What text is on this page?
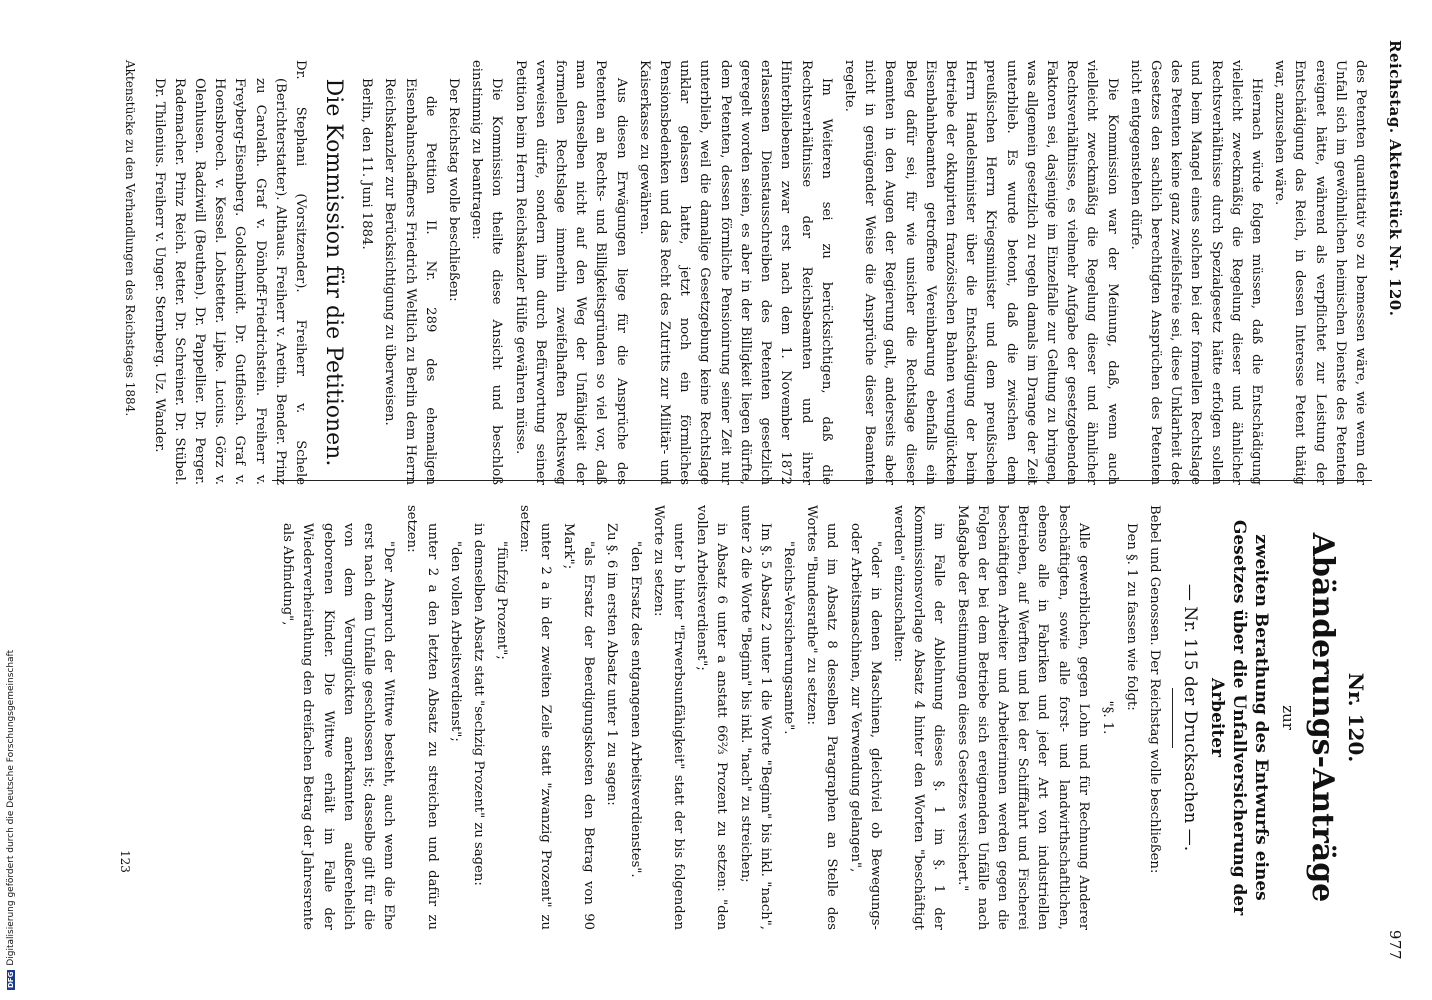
Reichstag. Aktenstück Nr. 120.
977

des Petenten quantitativ so zu bemessen wäre, wie wenn der Unfall sich im gewöhnlichen heimischen Dienste des Petenten ereignet hätte, während als verpflichtet zur Leistung der Entschädigung das Reich, in dessen Interesse Petent thätig war, anzusehen wäre.

Hiernach würde folgen müssen, daß die Entschädigung vielleicht zweckmäßig die Regelung dieser und ähnlicher Rechtsverhältnisse durch Spezialgesetz hätte erfolgen sollen und beim Mangel eines solchen bei der formellen Rechtslage des Petenten keine ganz zweifelsfreie sei, diese Unklarheit des Gesetzes den sachlich berechtigten Ansprüchen des Petenten nicht entgegenstehen dürfe.

Die Kommission war der Meinung, daß, wenn auch vielleicht zweckmäßig die Regelung dieser und ähnlicher Rechtsverhältnisse, es vielmehr Aufgabe der gesetzgebenden Faktoren sei, dasjenige im Einzelfalle zur Geltung zu bringen, was allgemein gesetzlich zu regeln damals im Drange der Zeit unterblieb. Es wurde betont, daß die zwischen dem preußischen Herrn Kriegsminister und dem preußischen Herrn Handelsminister über die Entschädigung der beim Betriebe der okkupirten französischen Bahnen verunglückten Eisenbahnbeamten getroffene Vereinbarung ebenfalls ein Beleg dafür sei, für wie unsicher die Rechtslage dieser Beamten in den Augen der Regierung galt, anderseits aber nicht in genügender Weise die Ansprüche dieser Beamten regelte.

Im Weiteren sei zu berücksichtigen, daß die Rechtsverhältnisse der Reichsbeamten und ihrer Hinterbliebenen zwar erst nach dem 1. November 1872 erlassenen Dienstausschreiben des Petenten gesetzlich geregelt worden seien, es aber in der Billigkeit liegen dürfte, dem Petenten, dessen förmliche Pensionirung seiner Zeit nur unterblieb, weil die damalige Gesetzgebung keine Rechtslage unklar gelassen hatte, jetzt noch ein förmliches Pensionsbedenken und das Recht des Zutritts zur Militär- und Kaiserkasse zu gewähren.

Aus diesen Erwägungen liege für die Ansprüche des Petenten an Rechts- und Billigkeitsgründen so viel vor, daß man denselben nicht auf den Weg der Unfähigkeit der formellen Rechtslage immerhin zweifelhaften Rechtsweg verweisen dürfe, sondern ihm durch Befürwortung seiner Petition beim Herrn Reichskanzler Hülfe gewähren müsse.

Die Kommission theilte diese Ansicht und beschloß einstimmig zu beantragen:

Der Reichstag wolle beschließen:

die Petition II. Nr. 289 des ehemaligen Eisenbahnschaffners Friedrich Weltlich zu Berlin dem Herrn Reichskanzler zur Berücksichtigung zu überweisen.

Berlin, den 11. Juni 1884.

Die Kommission für die Petitionen.

Dr. Stephani (Vorsitzender). Freiherr v. Schele (Berichterstatter). Althaus. Freiherr v. Aretin. Bender. Prinz zu Carolath. Graf v. Dönhoff-Friedrichstein. Freiherr v. Freyberg-Eisenberg. Goldschmidt. Dr. Gutfleisch. Graf v. Hoensbroech. v. Kessel. Lohstetter. Lipke. Lucius. Görz v. Olenhusen. Radziwill (Beuthen). Dr. Pappellier. Dr. Perger. Rademacher. Prinz Reich. Retter. Dr. Schreiner. Dr. Stübel. Dr. Thilenius. Freiherr v. Unger. Sternberg. Uz. Wander.

Nr. 120.
Abänderungs-Anträge
zur
zweiten Berathung des Entwurfs eines Gesetzes über die Unfallversicherung der Arbeiter
— Nr. 115 der Drucksachen —.

Bebel und Genossen. Der Reichstag wolle beschließen:

Den §. 1 zu fassen wie folgt:

"§. 1.

Alle gewerblichen, gegen Lohn und für Rechnung Anderer beschäftigten, sowie alle forst- und landwirthschaftlichen, ebenso alle in Fabriken und jeder Art von industriellen Betrieben, auf Werften und bei der Schifffahrt und Fischerei beschäftigten Arbeiter und Arbeiterinnen werden gegen die Folgen der bei dem Betriebe sich ereignenden Unfälle nach Maßgabe der Bestimmungen dieses Gesetzes versichert."

im Falle der Ablehnung dieses §. 1 im §. 1 der Kommissionsvorlage Absatz 4 hinter den Worten "beschäftigt werden" einzuschalten:

"oder in denen Maschinen, gleichviel ob Bewegungs- oder Arbeitsmaschinen, zur Verwendung gelangen",

und im Absatz 8 desselben Paragraphen an Stelle des Wortes "Bundesrathe" zu setzen:

"Reichs-Versicherungsamte".

Im §. 5 Absatz 2 unter 1 die Worte "Beginn" bis inkl. "nach", unter 2 die Worte "Beginn" bis inkl. "nach" zu streichen;

in Absatz 6 unter a anstatt 66⅔ Prozent zu setzen: "den vollen Arbeitsverdienst";

unter b hinter "Erwerbsunfähigkeit" statt der bis folgenden Worte zu setzen:

"den Ersatz des entgangenen Arbeitsverdienstes".

Zu §. 6 im ersten Absatz unter 1 zu sagen:

"als Ersatz der Beerdigungskosten den Betrag von 90 Mark";

unter 2 a in der zweiten Zeile statt "zwanzig Prozent" zu setzen:

"fünfzig Prozent";

in demselben Absatz statt "sechzig Prozent" zu sagen:

"den vollen Arbeitsverdienst";

unter 2 a den letzten Absatz zu streichen und dafür zu setzen:

"Der Anspruch der Wittwe besteht, auch wenn die Ehe erst nach dem Unfalle geschlossen ist; dasselbe gilt für die von dem Verunglückten anerkannten außerehelich geborenen Kinder. Die Wittwe erhält im Falle der Wiederverheirathung den dreifachen Betrag der Jahresrente als Abfindung",

Aktenstücke zu den Verhandlungen des Reichstages 1884.
123
DFGDigitalisierung gefördert durch die Deutsche Forschungsgemeinschaft
